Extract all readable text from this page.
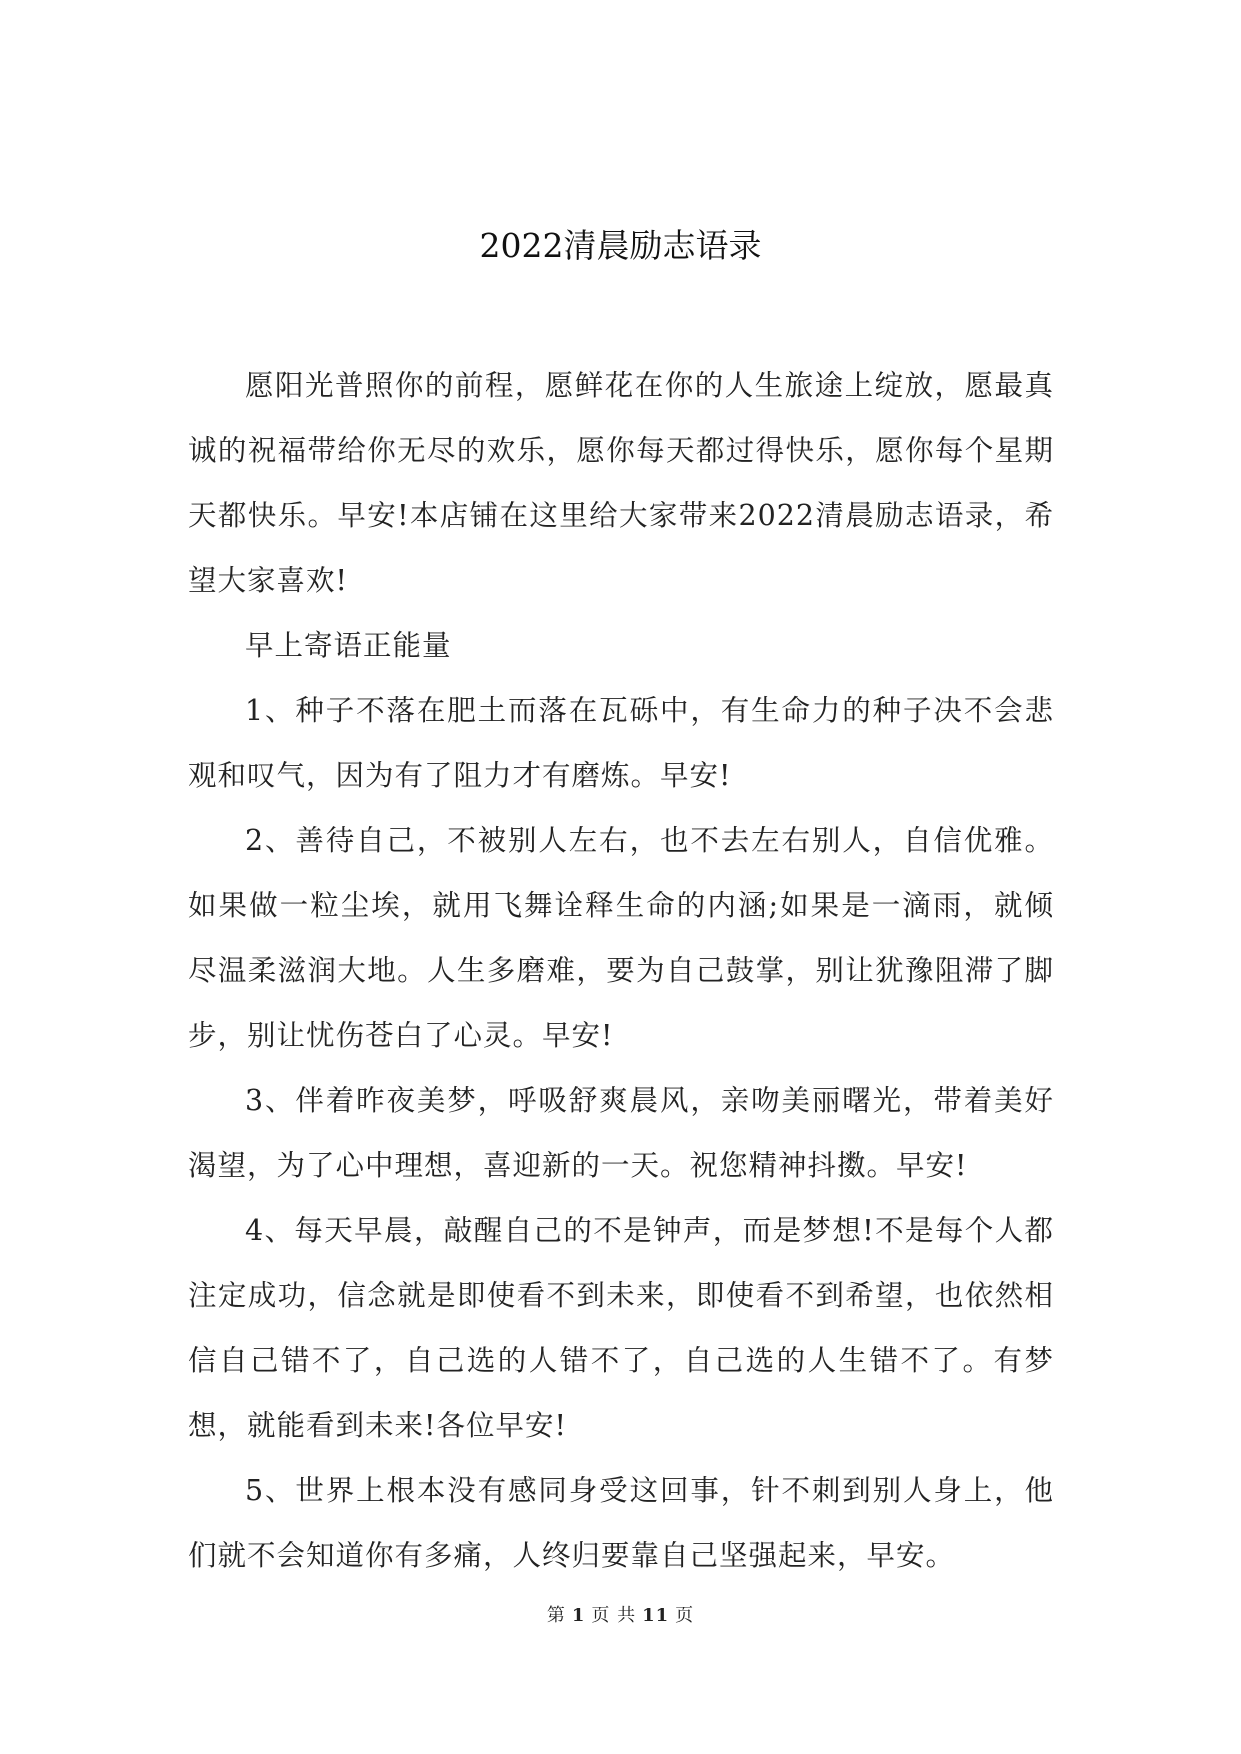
2022清晨励志语录

愿阳光普照你的前程，愿鲜花在你的人生旅途上绽放，愿最真诚的祝福带给你无尽的欢乐，愿你每天都过得快乐，愿你每个星期天都快乐。早安!本店铺在这里给大家带来2022清晨励志语录，希望大家喜欢!

早上寄语正能量

1、种子不落在肥土而落在瓦砾中，有生命力的种子决不会悲观和叹气，因为有了阻力才有磨炼。早安!

2、善待自己，不被别人左右，也不去左右别人，自信优雅。如果做一粒尘埃，就用飞舞诠释生命的内涵;如果是一滴雨，就倾尽温柔滋润大地。人生多磨难，要为自己鼓掌，别让犹豫阻滞了脚步，别让忧伤苍白了心灵。早安!

3、伴着昨夜美梦，呼吸舒爽晨风，亲吻美丽曙光，带着美好渴望，为了心中理想，喜迎新的一天。祝您精神抖擞。早安!

4、每天早晨，敲醒自己的不是钟声，而是梦想!不是每个人都注定成功，信念就是即使看不到未来，即使看不到希望，也依然相信自己错不了，自己选的人错不了，自己选的人生错不了。有梦想，就能看到未来!各位早安!

5、世界上根本没有感同身受这回事，针不刺到别人身上，他们就不会知道你有多痛，人终归要靠自己坚强起来，早安。

第 1 页 共 11 页
